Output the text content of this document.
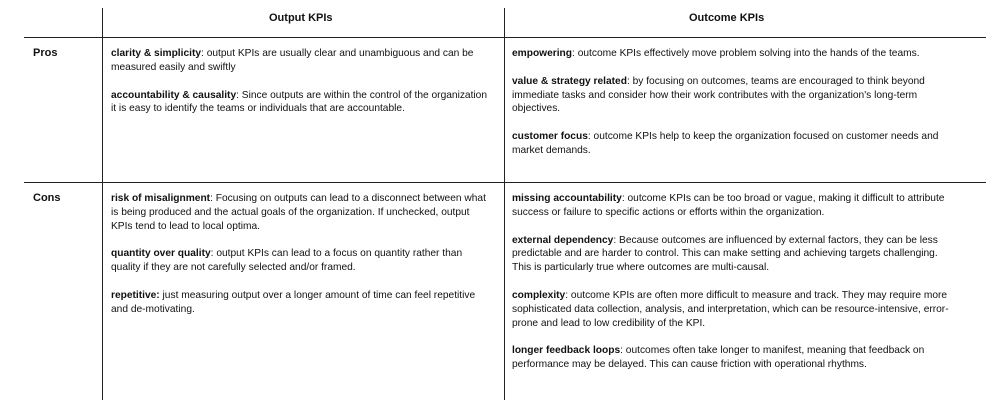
Output KPIs	Outcome KPIs
Pros
Cons

clarity & simplicity: output KPIs are usually clear and unambiguous and can be measured easily and swiftly

accountability & causality: Since outputs are within the control of the organization it is easy to identify the teams or individuals that are accountable.

empowering: outcome KPIs effectively move problem solving into the hands of the teams.

value & strategy related: by focusing on outcomes, teams are encouraged to think beyond immediate tasks and consider how their work contributes with the organization's long-term objectives.

customer focus: outcome KPIs help to keep the organization focused on customer needs and market demands.

risk of misalignment: Focusing on outputs can lead to a disconnect between what is being produced and the actual goals of the organization. If unchecked, output KPIs tend to lead to local optima.

quantity over quality: output KPIs can lead to a focus on quantity rather than quality if they are not carefully selected and/or framed.

repetitive: just measuring output over a longer amount of time can feel repetitive and de-motivating.

missing accountability: outcome KPIs can be too broad or vague, making it difficult to attribute success or failure to specific actions or efforts within the organization.

external dependency: Because outcomes are influenced by external factors, they can be less predictable and are harder to control. This can make setting and achieving targets challenging. This is particularly true where outcomes are multi-causal.

complexity: outcome KPIs are often more difficult to measure and track. They may require more sophisticated data collection, analysis, and interpretation, which can be resource-intensive, error-prone and lead to low credibility of the KPI.

longer feedback loops: outcomes often take longer to manifest, meaning that feedback on performance may be delayed. This can cause friction with operational rhythms.
